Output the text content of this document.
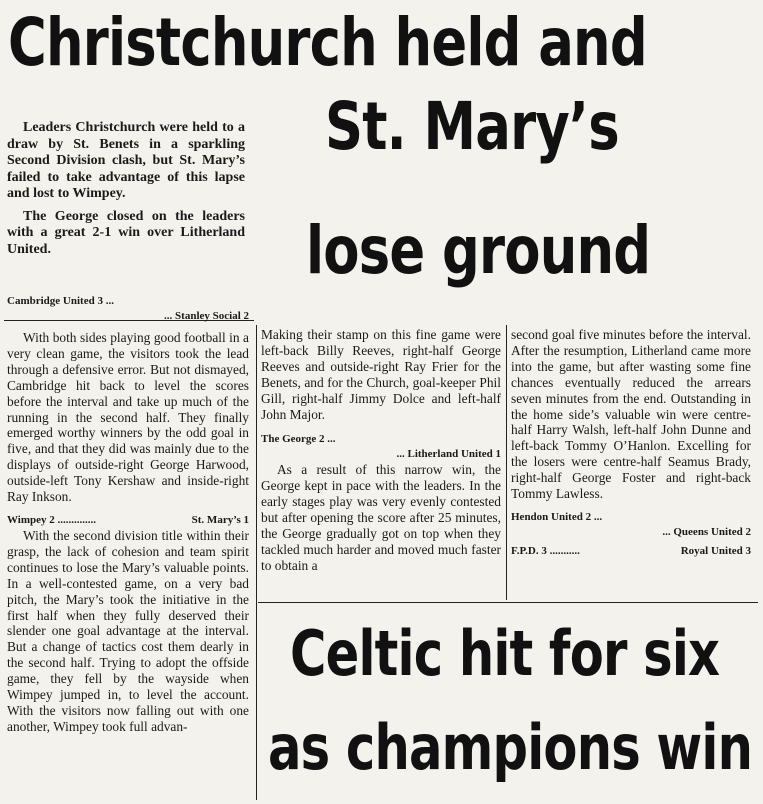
Christchurch held and
St. Mary’s
lose ground

Leaders Christchurch were held to a draw by St. Benets in a sparkling Second Division clash, but St. Mary’s failed to take advantage of this lapse and lost to Wimpey.

The George closed on the leaders with a great 2-1 win over Litherland United.

Cambridge United 3 ...
... Stanley Social 2

With both sides playing good football in a very clean game, the visitors took the lead through a defensive error. But not dismayed, Cambridge hit back to level the scores before the interval and take up much of the running in the second half. They finally emerged worthy winners by the odd goal in five, and that they did was mainly due to the displays of outside-right George Harwood, outside-left Tony Kershaw and inside-right Ray Inkson.

Wimpey 2 ..............	St. Mary’s 1

With the second division title within their grasp, the lack of cohesion and team spirit continues to lose the Mary’s valuable points. In a well-contested game, on a very bad pitch, the Mary’s took the initiative in the first half when they fully deserved their slender one goal advantage at the interval. But a change of tactics cost them dearly in the second half. Trying to adopt the offside game, they fell by the wayside when Wimpey jumped in, to level the account. With the visitors now falling out with one another, Wimpey took full advan-

Making their stamp on this fine game were left-back Billy Reeves, right-half George Reeves and outside-right Ray Frier for the Benets, and for the Church, goal-keeper Phil Gill, right-half Jimmy Dolce and left-half John Major.

The George 2 ...
... Litherland United 1

As a result of this narrow win, the George kept in pace with the leaders. In the early stages play was very evenly contested but after opening the score after 25 minutes, the George gradually got on top when they tackled much harder and moved much faster to obtain a

second goal five minutes before the interval. After the resumption, Litherland came more into the game, but after wasting some fine chances eventually reduced the arrears seven minutes from the end. Outstanding in the home side’s valuable win were centre-half Harry Walsh, left-half John Dunne and left-back Tommy O’Hanlon. Excelling for the losers were centre-half Seamus Brady, right-half George Foster and right-back Tommy Lawless.

Hendon United 2 ...
... Queens United 2
F.P.D. 3 ...........	Royal United 3
Celtic hit for six
as champions win
